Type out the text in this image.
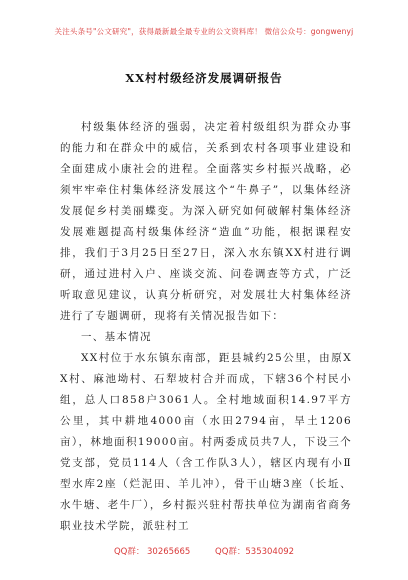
关注头条号"公文研究"，获得最新最全最专业的公文资料库！ 微信公众号：gongwenyj
XX村村级经济发展调研报告

村级集体经济的强弱，决定着村级组织为群众办事的能力和在群众中的威信，关系到农村各项事业建设和全面建成小康社会的进程。全面落实乡村振兴战略，必须牢牢牵住村集体经济发展这个“牛鼻子”，以集体经济发展促乡村美丽蝶变。为深入研究如何破解村集体经济发展难题提高村级集体经济“造血”功能，根据课程安排，我们于3月25日至27日，深入水东镇XX村进行调研，通过进村入户、座谈交流、问卷调查等方式，广泛听取意见建议，认真分析研究，对发展壮大村集体经济进行了专题调研，现将有关情况报告如下：

一、基本情况

XX村位于水东镇东南部，距县城约25公里，由原XX村、麻池坳村、石犁坡村合并而成，下辖36个村民小组，总人口858户3061人。全村地域面积14.97平方公里，其中耕地4000亩（水田2794亩，旱土1206亩），林地面积19000亩。村两委成员共7人，下设三个党支部，党员114人（含工作队3人），辖区内现有小Ⅱ型水库2座（烂泥田、羊儿冲），骨干山塘3座（长坵、水牛塘、老牛厂），乡村振兴驻村帮扶单位为湖南省商务职业技术学院，派驻村工

QQ群： 30265665	QQ群：535304092
